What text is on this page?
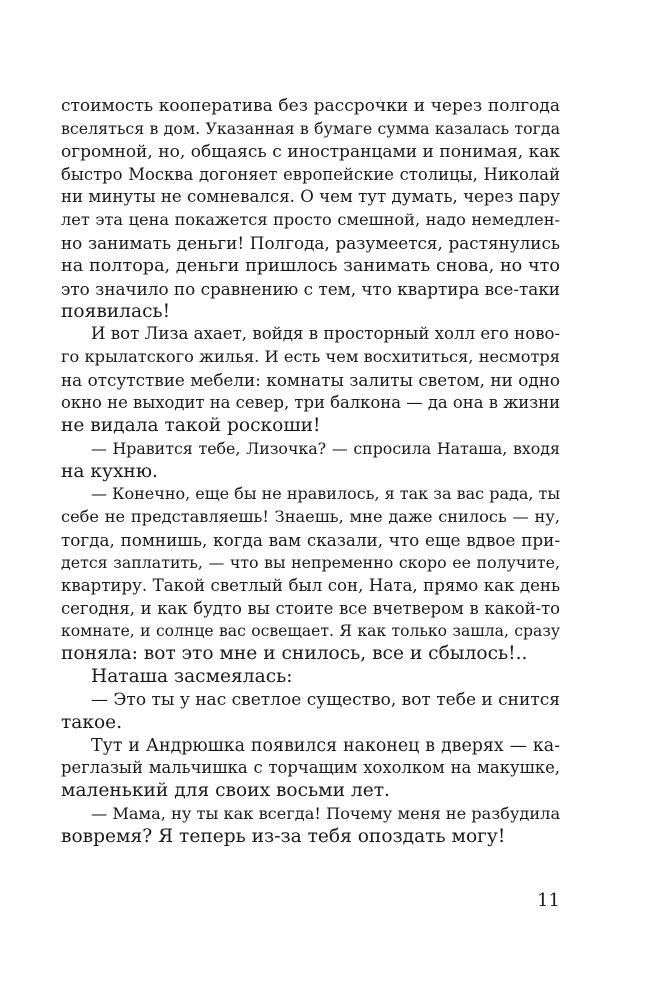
стоимость кооператива без рассрочки и через полгода
вселяться в дом. Указанная в бумаге сумма казалась тогда
огромной, но, общаясь с иностранцами и понимая, как
быстро Москва догоняет европейские столицы, Николай
ни минуты не сомневался. О чем тут думать, через пару
лет эта цена покажется просто смешной, надо немедлен-
но занимать деньги! Полгода, разумеется, растянулись
на полтора, деньги пришлось занимать снова, но что
это значило по сравнению с тем, что квартира все-таки
появилась!
И вот Лиза ахает, войдя в просторный холл его ново-
го крылатского жилья. И есть чем восхититься, несмотря
на отсутствие мебели: комнаты залиты светом, ни одно
окно не выходит на север, три балкона — да она в жизни
не видала такой роскоши!
— Нравится тебе, Лизочка? — спросила Наташа, входя
на кухню.
— Конечно, еще бы не нравилось, я так за вас рада, ты
себе не представляешь! Знаешь, мне даже снилось — ну,
тогда, помнишь, когда вам сказали, что еще вдвое при-
дется заплатить, — что вы непременно скоро ее получите,
квартиру. Такой светлый был сон, Ната, прямо как день
сегодня, и как будто вы стоите все вчетвером в какой-то
комнате, и солнце вас освещает. Я как только зашла, сразу
поняла: вот это мне и снилось, все и сбылось!..
Наташа засмеялась:
— Это ты у нас светлое существо, вот тебе и снится
такое.
Тут и Андрюшка появился наконец в дверях — ка-
реглазый мальчишка с торчащим хохолком на макушке,
маленький для своих восьми лет.
— Мама, ну ты как всегда! Почему меня не разбудила
вовремя? Я теперь из-за тебя опоздать могу!
11
